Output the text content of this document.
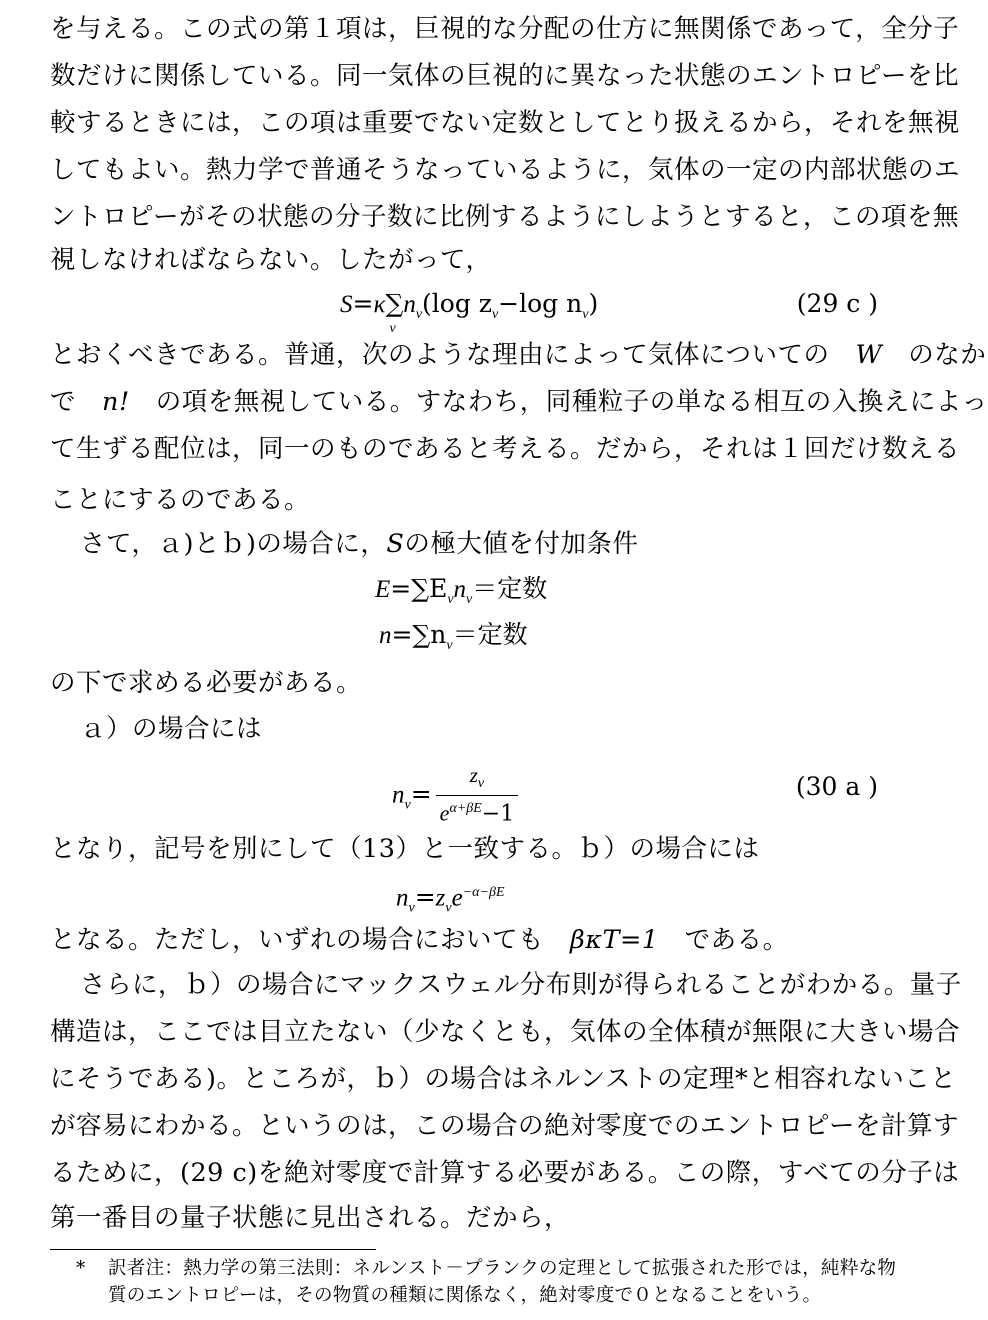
を与える。この式の第１項は，巨視的な分配の仕方に無関係であって，全分子
数だけに関係している。同一気体の巨視的に異なった状態のエントロピーを比
較するときには，この項は重要でない定数としてとり扱えるから，それを無視
してもよい。熱力学で普通そうなっているように，気体の一定の内部状態のエ
ントロピーがその状態の分子数に比例するようにしようとすると，この項を無
視しなければならない。したがって，
S=κ∑
ν
$n_\nu(\log$ $z_\nu-\log$ $n_\nu$)	(29 c )
とおくべきである。普通，次のような理由によって気体についての　 W　 のなか
で　 n!　 の項を無視している。すなわち，同種粒子の単なる相互の入換えによっ
て生ずる配位は，同一のものであると考える。だから，それは１回だけ数える
ことにするのである。
さて，ａ)とｂ)の場合に，Sの極大値を付加条件
$E=\sum E_\nu n_\nu=$定数
$n=\sum n_\nu=$定数
の下で求める必要がある。
ａ）の場合には
$n_\nu= \frac{z_\nu}{e^{\alpha+\beta E}-1}$	(30 a )
となり，記号を別にして（13）と一致する。ｂ）の場合には
$n_\nu=z_\nu e^{-\alpha-\beta E}$
となる。ただし，いずれの場合においても　 βκT=1　 である。
さらに，ｂ）の場合にマックスウェル分布則が得られることがわかる。量子
構造は，ここでは目立たない（少なくとも，気体の全体積が無限に大きい場合
にそうである)。ところが，ｂ）の場合はネルンストの定理*と相容れないこと
が容易にわかる。というのは，この場合の絶対零度でのエントロピーを計算す
るために，(29 c)を絶対零度で計算する必要がある。この際，すべての分子は
第一番目の量子状態に見出される。だから，
* 訳者注：熱力学の第三法則：ネルンスト－プランクの定理として拡張された形では，純粋な物
質のエントロピーは，その物質の種類に関係なく，絶対零度で０となることをいう。
